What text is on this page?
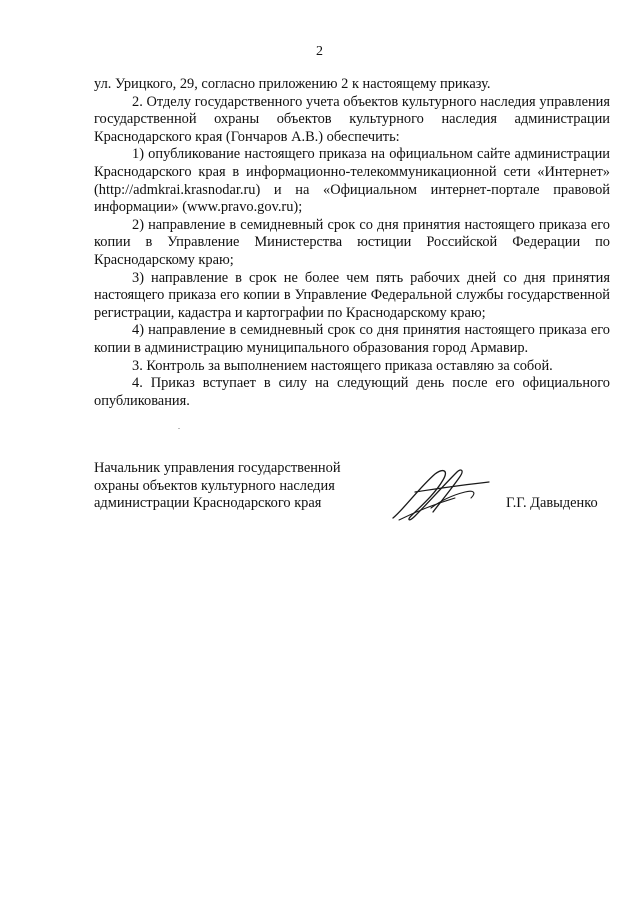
2

ул. Урицкого, 29, согласно приложению 2 к настоящему приказу.

2. Отделу государственного учета объектов культурного наследия управления государственной охраны объектов культурного наследия администрации Краснодарского края (Гончаров А.В.) обеспечить:

1) опубликование настоящего приказа на официальном сайте администрации Краснодарского края в информационно-телекоммуникационной сети «Интернет» (http://admkrai.krasnodar.ru) и на «Официальном интернет-портале правовой информации» (www.pravo.gov.ru);

2) направление в семидневный срок со дня принятия настоящего приказа его копии в Управление Министерства юстиции Российской Федерации по Краснодарскому краю;

3) направление в срок не более чем пять рабочих дней со дня принятия настоящего приказа его копии в Управление Федеральной службы государственной регистрации, кадастра и картографии по Краснодарскому краю;

4) направление в семидневный срок со дня принятия настоящего приказа его копии в администрацию муниципального образования город Армавир.

3. Контроль за выполнением настоящего приказа оставляю за собой.

4. Приказ вступает в силу на следующий день после его официального опубликования.

Начальник управления государственной
охраны объектов культурного наследия
администрации Краснодарского края	Г.Г. Давыденко
